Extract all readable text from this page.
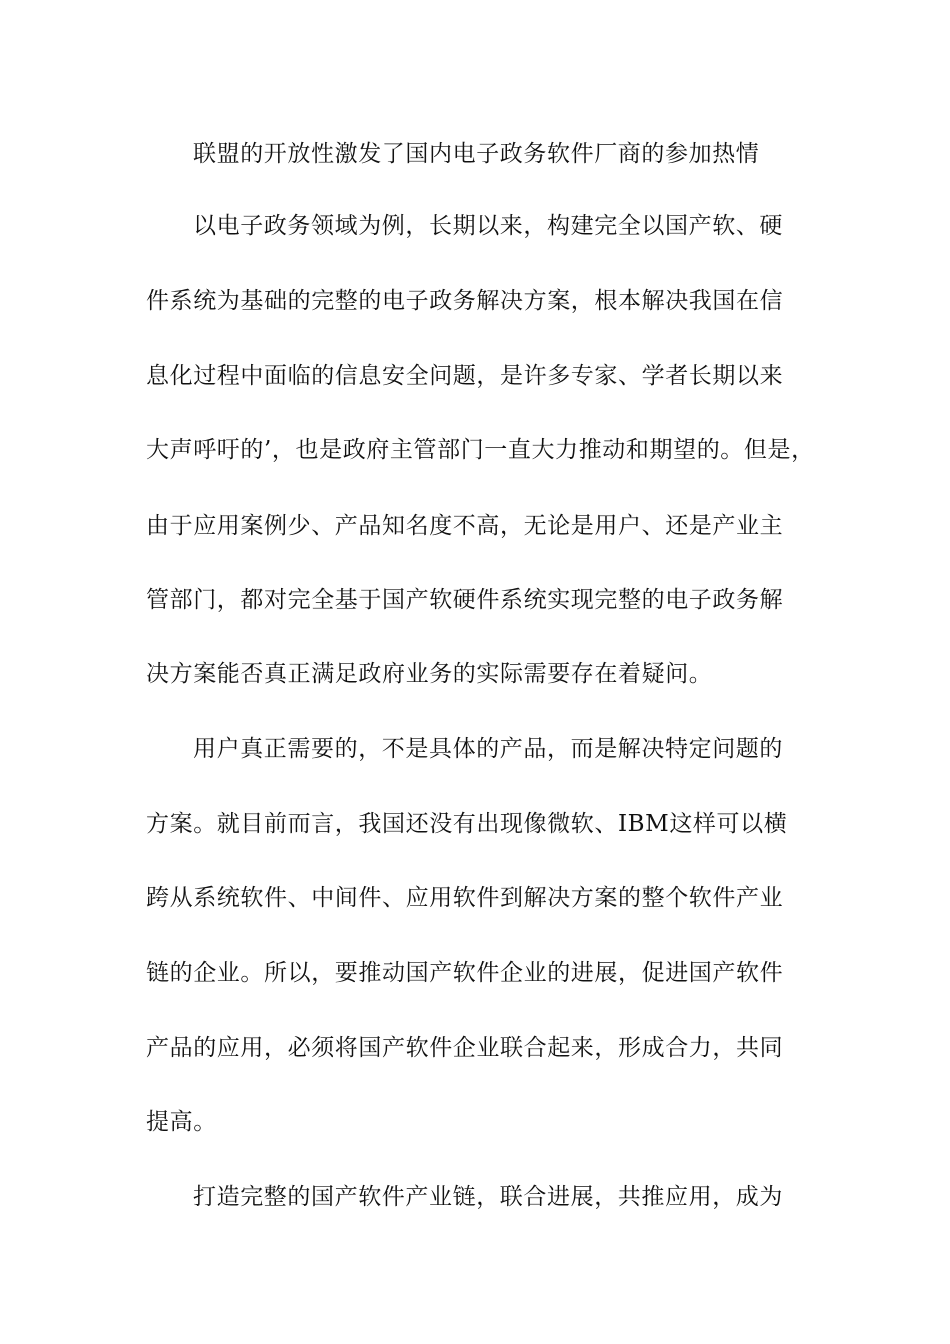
联盟的开放性激发了国内电子政务软件厂商的参加热情
以电子政务领域为例，长期以来，构建完全以国产软、硬
件系统为基础的完整的电子政务解决方案，根本解决我国在信
息化过程中面临的信息安全问题，是许多专家、学者长期以来
大声呼吁的’，也是政府主管部门一直大力推动和期望的。但是，
由于应用案例少、产品知名度不高，无论是用户、还是产业主
管部门，都对完全基于国产软硬件系统实现完整的电子政务解
决方案能否真正满足政府业务的实际需要存在着疑问。
用户真正需要的，不是具体的产品，而是解决特定问题的
方案。就目前而言，我国还没有出现像微软、IBM这样可以横
跨从系统软件、中间件、应用软件到解决方案的整个软件产业
链的企业。所以，要推动国产软件企业的进展，促进国产软件
产品的应用，必须将国产软件企业联合起来，形成合力，共同
提高。
打造完整的国产软件产业链，联合进展，共推应用，成为
